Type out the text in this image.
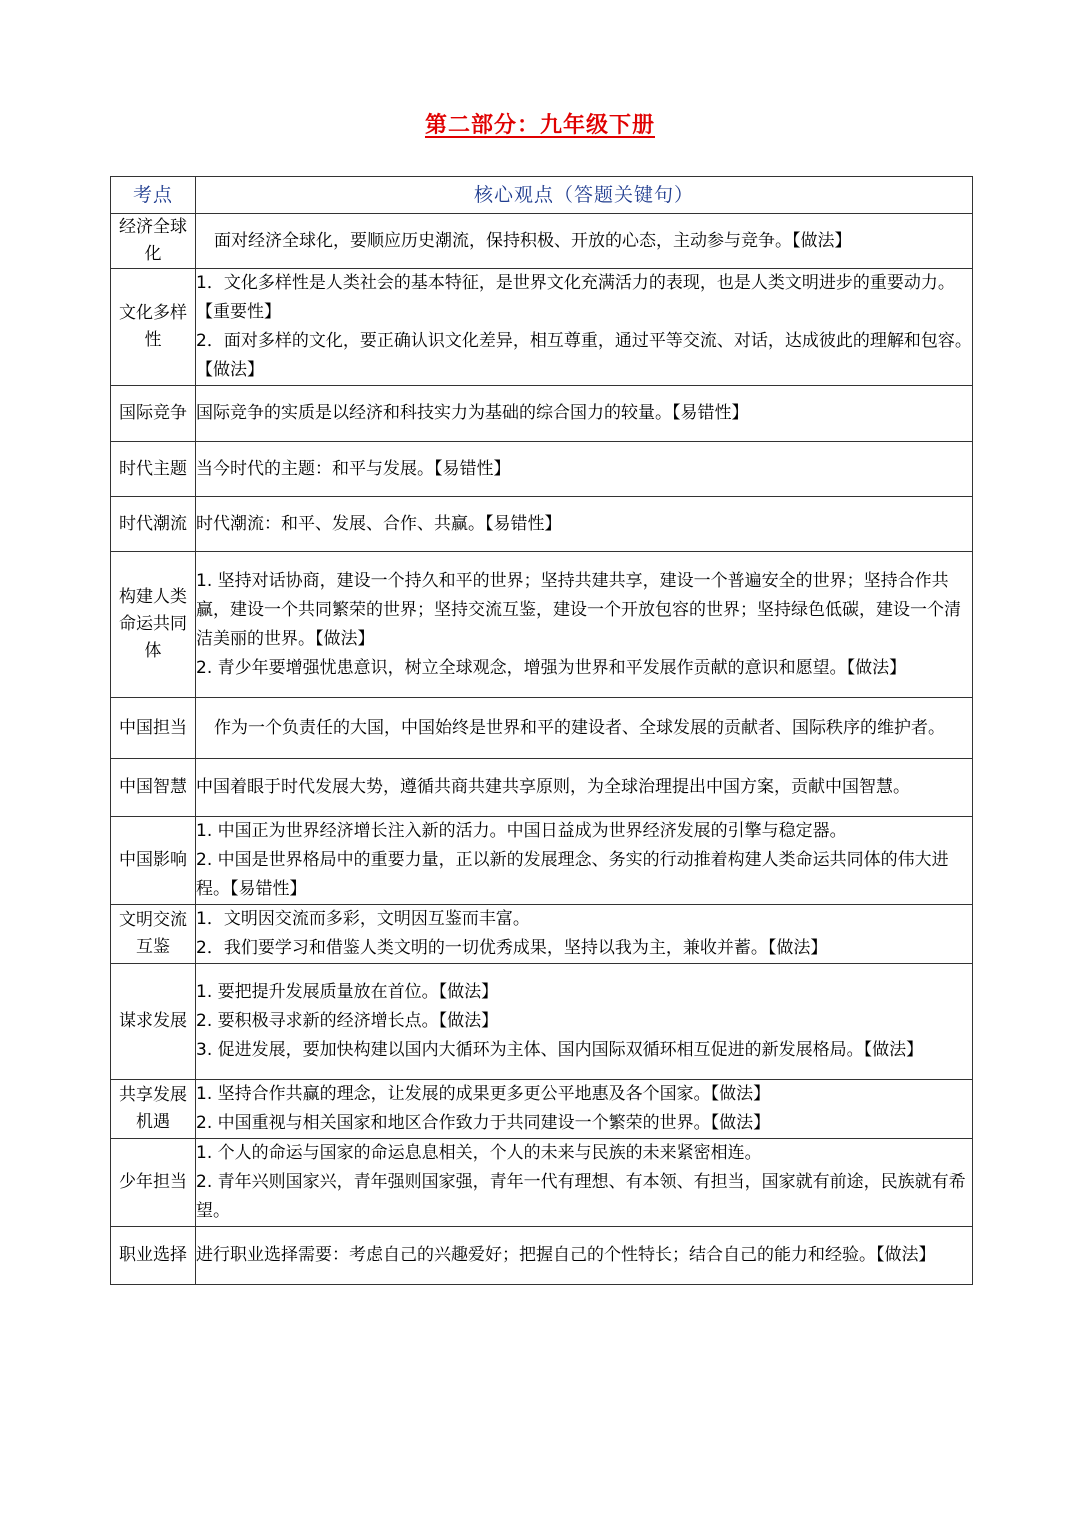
第二部分：九年级下册
考点	核心观点（答题关键句）
经济全球化	面对经济全球化，要顺应历史潮流，保持积极、开放的心态，主动参与竞争。【做法】

文化多样性	1．文化多样性是人类社会的基本特征，是世界文化充满活力的表现，也是人类文明进步的重要动力。【重要性】
2．面对多样的文化，要正确认识文化差异，相互尊重，通过平等交流、对话，达成彼此的理解和包容。【做法】

国际竞争	国际竞争的实质是以经济和科技实力为基础的综合国力的较量。【易错性】

时代主题	当今时代的主题：和平与发展。【易错性】

时代潮流	时代潮流：和平、发展、合作、共赢。【易错性】

构建人类命运共同体	1. 坚持对话协商，建设一个持久和平的世界；坚持共建共享，建设一个普遍安全的世界；坚持合作共赢，建设一个共同繁荣的世界；坚持交流互鉴，建设一个开放包容的世界；坚持绿色低碳，建设一个清洁美丽的世界。【做法】
2. 青少年要增强忧患意识，树立全球观念，增强为世界和平发展作贡献的意识和愿望。【做法】

中国担当	作为一个负责任的大国，中国始终是世界和平的建设者、全球发展的贡献者、国际秩序的维护者。

中国智慧	中国着眼于时代发展大势，遵循共商共建共享原则，为全球治理提出中国方案，贡献中国智慧。

中国影响	1. 中国正为世界经济增长注入新的活力。中国日益成为世界经济发展的引擎与稳定器。
2. 中国是世界格局中的重要力量，正以新的发展理念、务实的行动推着构建人类命运共同体的伟大进程。【易错性】

文明交流互鉴	1．文明因交流而多彩，文明因互鉴而丰富。
2．我们要学习和借鉴人类文明的一切优秀成果，坚持以我为主，兼收并蓄。【做法】

谋求发展	1. 要把提升发展质量放在首位。【做法】
2. 要积极寻求新的经济增长点。【做法】
3. 促进发展，要加快构建以国内大循环为主体、国内国际双循环相互促进的新发展格局。【做法】

共享发展机遇	1. 坚持合作共赢的理念，让发展的成果更多更公平地惠及各个国家。【做法】
2. 中国重视与相关国家和地区合作致力于共同建设一个繁荣的世界。【做法】

少年担当	1. 个人的命运与国家的命运息息相关，个人的未来与民族的未来紧密相连。
2. 青年兴则国家兴，青年强则国家强，青年一代有理想、有本领、有担当，国家就有前途，民族就有希望。

职业选择	进行职业选择需要：考虑自己的兴趣爱好；把握自己的个性特长；结合自己的能力和经验。【做法】
